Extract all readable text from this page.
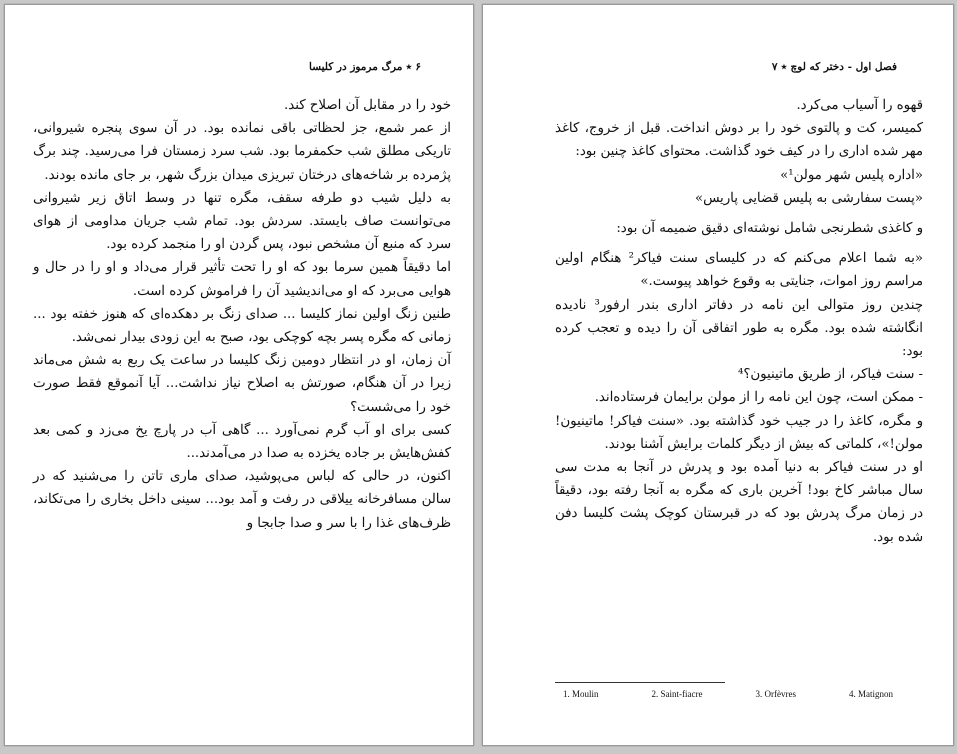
۶ ٭ مرگ مرموز در کلیسا

خود را در مقابل آن اصلاح کند.

از عمر شمع، جز لحظاتی باقی نمانده بود. در آن سوی پنجره شیروانی، تاریکی مطلق شب حکمفرما بود. شب سرد زمستان فرا می‌رسید. چند برگ پژمرده بر شاخه‌های درختان تبریزی میدان بزرگ شهر، بر جای مانده بودند.

به دلیل شیب دو طرفه سقف، مگره تنها در وسط اتاق زیر شیروانی می‌توانست صاف بایستد. سردش بود. تمام شب جریان مداومی از هوای سرد که منبع آن مشخص نبود، پس گردن او را منجمد کرده بود.

اما دقیقاً همین سرما بود که او را تحت تأثیر قرار می‌داد و او را در حال و هوایی می‌برد که او می‌اندیشید آن را فراموش کرده است.

طنین زنگ اولین نماز کلیسا ... صدای زنگ بر دهکده‌ای که هنوز خفته بود ... زمانی که مگره پسر بچه کوچکی بود، صبح به این زودی بیدار نمی‌شد.

آن زمان، او در انتظار دومین زنگ کلیسا در ساعت یک ربع به شش می‌ماند زیرا در آن هنگام، صورتش به اصلاح نیاز نداشت... آیا آنموقع فقط صورت خود را می‌شست؟

کسی برای او آب گرم نمی‌آورد ... گاهی آب در پارچ یخ می‌زد و کمی بعد کفش‌هایش بر جاده یخزده به صدا در می‌آمدند...

اکنون، در حالی که لباس می‌پوشید، صدای ماری تاتن را می‌شنید که در سالن مسافرخانه ییلاقی در رفت و آمد بود... سینی داخل بخاری را می‌تکاند، ظرف‌های غذا را با سر و صدا جابجا و

فصل اول - دختر که لوچ ٭ ۷

قهوه را آسیاب می‌کرد.

کمیسر، کت و پالتوی خود را بر دوش انداخت. قبل از خروج، کاغذ مهر شده اداری را در کیف خود گذاشت. محتوای کاغذ چنین بود:

«اداره پلیس شهر مولن¹»

«پست سفارشی به پلیس قضایی پاریس»

و کاغذی شطرنجی شامل نوشته‌ای دقیق ضمیمه آن بود:

«به شما اعلام می‌کنم که در کلیسای سنت فیاکر² هنگام اولین مراسم روز اموات، جنایتی به وقوع خواهد پیوست.»

چندین روز متوالی این نامه در دفاتر اداری بندر ارفور³ نادیده انگاشته شده بود. مگره به طور اتفاقی آن را دیده و تعجب کرده بود:

- سنت فیاکر، از طریق ماتینیون؟⁴

- ممکن است، چون این نامه را از مولن برایمان فرستاده‌اند.

و مگره، کاغذ را در جیب خود گذاشته بود. «سنت فیاکر! ماتینیون! مولن!»، کلماتی که بیش از دیگر کلمات برایش آشنا بودند.

او در سنت فیاکر به دنیا آمده بود و پدرش در آنجا به مدت سی سال مباشر کاخ بود! آخرین باری که مگره به آنجا رفته بود، دقیقاً در زمان مرگ پدرش بود که در قبرستان کوچک پشت کلیسا دفن شده بود.

1. Moulin	2. Saint-fiacre	3. Orfèvres	4. Matignon
